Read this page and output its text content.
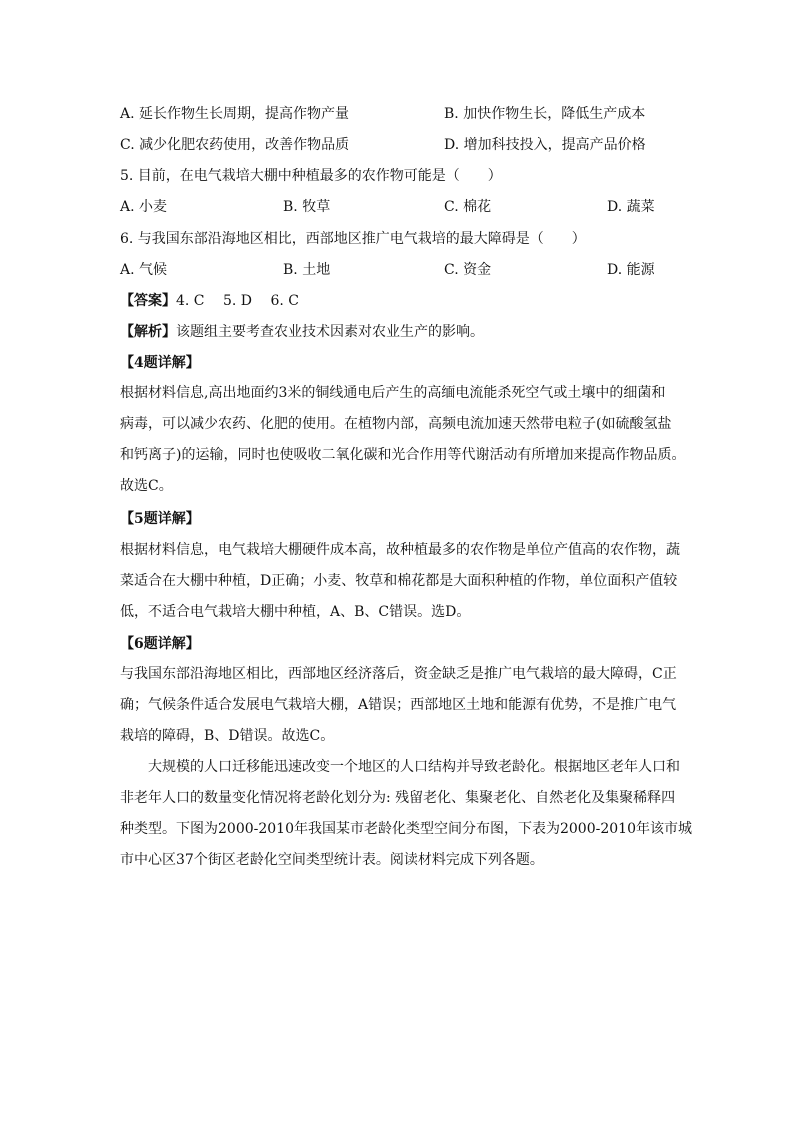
A. 延长作物生长周期，提高作物产量	B. 加快作物生长，降低生产成本
C. 减少化肥农药使用，改善作物品质	D. 增加科技投入，提高产品价格
5. 目前，在电气栽培大棚中种植最多的农作物可能是（　　）
A. 小麦	B. 牧草	C. 棉花	D. 蔬菜
6. 与我国东部沿海地区相比，西部地区推广电气栽培的最大障碍是（　　）
A. 气候	B. 土地	C. 资金	D. 能源
【答案】4. C　 5. D　 6. C
【解析】该题组主要考查农业技术因素对农业生产的影响。
【4题详解】
根据材料信息,高出地面约3米的铜线通电后产生的高缅电流能杀死空气或土壤中的细菌和
病毒，可以减少农药、化肥的使用。在植物内部，高频电流加速天然带电粒子(如硫酸氢盐
和钙离子)的运输，同时也使吸收二氧化碳和光合作用等代谢活动有所增加来提高作物品质。
故选C。
【5题详解】
根据材料信息，电气栽培大棚硬件成本高，故种植最多的农作物是单位产值高的农作物，蔬
菜适合在大棚中种植，D正确；小麦、牧草和棉花都是大面积种植的作物，单位面积产值较
低，不适合电气栽培大棚中种植，A、B、C错误。选D。
【6题详解】
与我国东部沿海地区相比，西部地区经济落后，资金缺乏是推广电气栽培的最大障碍，C正
确；气候条件适合发展电气栽培大棚，A错误；西部地区土地和能源有优势，不是推广电气
栽培的障碍，B、D错误。故选C。
大规模的人口迁移能迅速改变一个地区的人口结构并导致老龄化。根据地区老年人口和
非老年人口的数量变化情况将老龄化划分为: 残留老化、集聚老化、自然老化及集聚稀释四
种类型。下图为2000-2010年我国某市老龄化类型空间分布图，下表为2000-2010年该市城
市中心区37个街区老龄化空间类型统计表。阅读材料完成下列各题。
